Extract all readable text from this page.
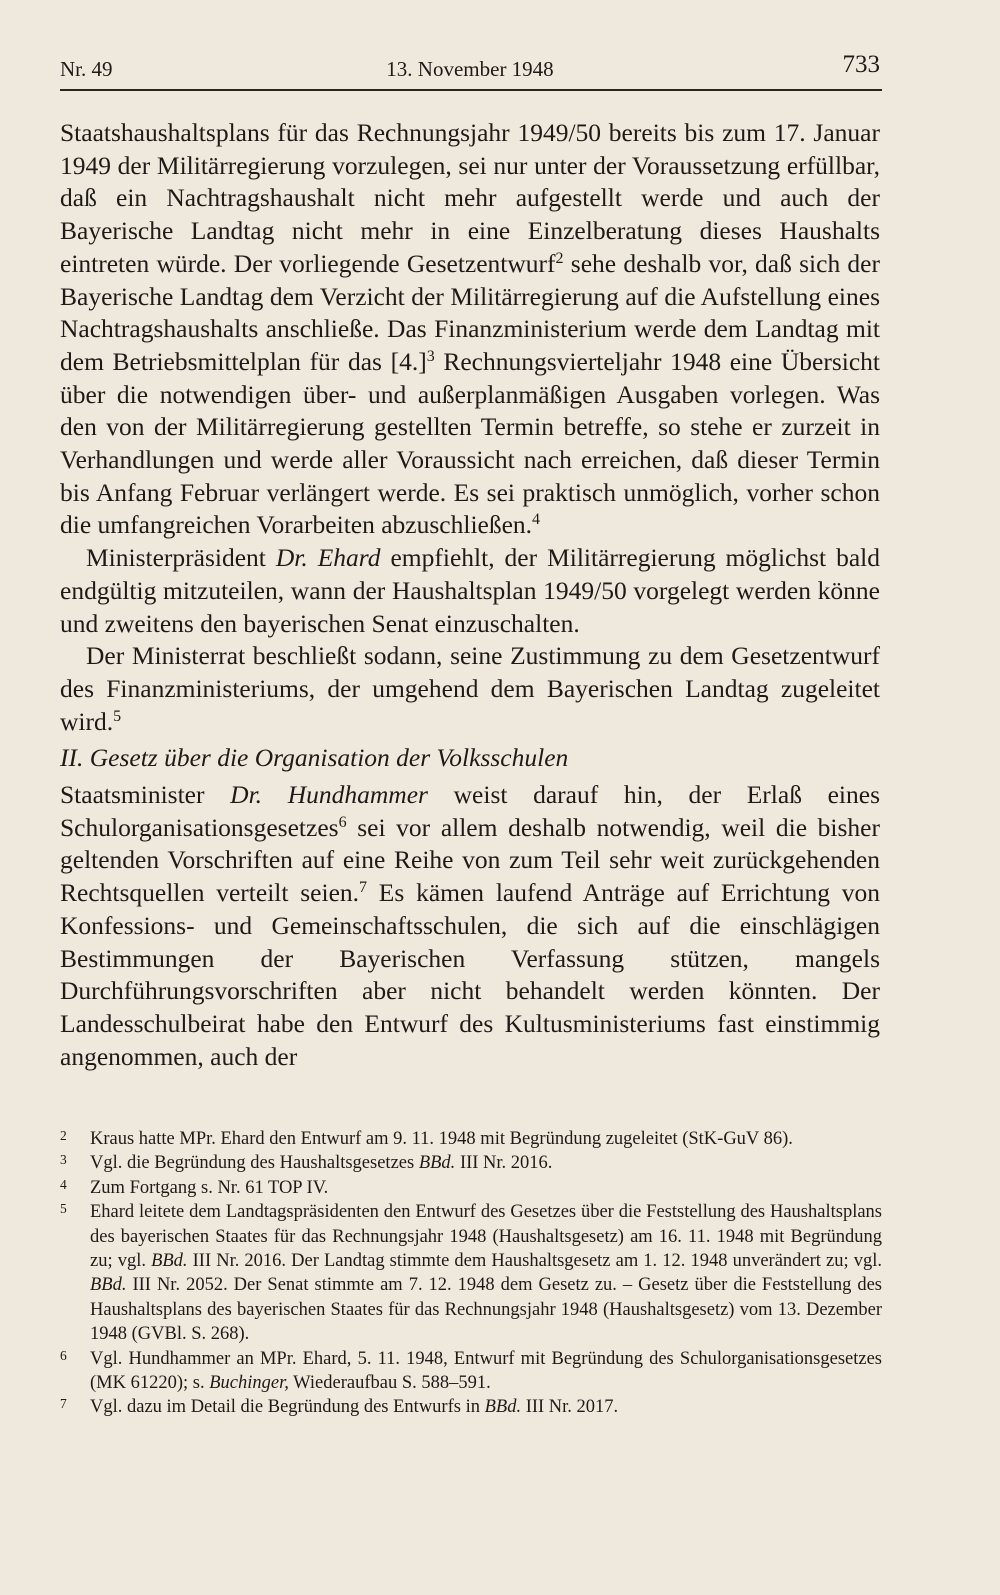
Nr. 49	13. November 1948	733

Staatshaushaltsplans für das Rechnungsjahr 1949/50 bereits bis zum 17. Januar 1949 der Militärregierung vorzulegen, sei nur unter der Voraussetzung erfüllbar, daß ein Nachtragshaushalt nicht mehr aufgestellt werde und auch der Bayerische Landtag nicht mehr in eine Einzelberatung dieses Haushalts eintreten würde. Der vorliegende Gesetzentwurf$^2$ sehe deshalb vor, daß sich der Bayerische Landtag dem Verzicht der Militärregierung auf die Aufstellung eines Nachtragshaushalts anschließe. Das Finanzministerium werde dem Landtag mit dem Betriebsmittelplan für das $[4.]^3$ Rechnungsvierteljahr 1948 eine Übersicht über die notwendigen über- und außerplanmäßigen Ausgaben vorlegen. Was den von der Militärregierung gestellten Termin betreffe, so stehe er zurzeit in Verhandlungen und werde aller Voraussicht nach erreichen, daß dieser Termin bis Anfang Februar verlängert werde. Es sei praktisch unmöglich, vorher schon die umfangreichen Vorarbeiten abzuschließen.$^4$

Ministerpräsident Dr. Ehard empfiehlt, der Militärregierung möglichst bald endgültig mitzuteilen, wann der Haushaltsplan 1949/50 vorgelegt werden könne und zweitens den bayerischen Senat einzuschalten.

Der Ministerrat beschließt sodann, seine Zustimmung zu dem Gesetzentwurf des Finanzministeriums, der umgehend dem Bayerischen Landtag zugeleitet wird.$^5$

II. Gesetz über die Organisation der Volksschulen

Staatsminister Dr. Hundhammer weist darauf hin, der Erlaß eines Schulorganisationsgesetzes$^6$ sei vor allem deshalb notwendig, weil die bisher geltenden Vorschriften auf eine Reihe von zum Teil sehr weit zurückgehenden Rechtsquellen verteilt seien.$^7$ Es kämen laufend Anträge auf Errichtung von Konfessions- und Gemeinschaftsschulen, die sich auf die einschlägigen Bestimmungen der Bayerischen Verfassung stützen, mangels Durchführungsvorschriften aber nicht behandelt werden könnten. Der Landesschulbeirat habe den Entwurf des Kultusministeriums fast einstimmig angenommen, auch der

2 Kraus hatte MPr. Ehard den Entwurf am 9. 11. 1948 mit Begründung zugeleitet (StK-GuV 86).
3 Vgl. die Begründung des Haushaltsgesetzes BBd. III Nr. 2016.
4 Zum Fortgang s. Nr. 61 TOP IV.
5 Ehard leitete dem Landtagspräsidenten den Entwurf des Gesetzes über die Feststellung des Haushaltsplans des bayerischen Staates für das Rechnungsjahr 1948 (Haushaltsgesetz) am 16. 11. 1948 mit Begründung zu; vgl. BBd. III Nr. 2016. Der Landtag stimmte dem Haushaltsgesetz am 1. 12. 1948 unverändert zu; vgl. BBd. III Nr. 2052. Der Senat stimmte am 7. 12. 1948 dem Gesetz zu. – Gesetz über die Feststellung des Haushaltsplans des bayerischen Staates für das Rechnungsjahr 1948 (Haushaltsgesetz) vom 13. Dezember 1948 (GVBl. S. 268).
6 Vgl. Hundhammer an MPr. Ehard, 5. 11. 1948, Entwurf mit Begründung des Schulorganisationsgesetzes (MK 61220); s. Buchinger, Wiederaufbau S. 588–591.
7 Vgl. dazu im Detail die Begründung des Entwurfs in BBd. III Nr. 2017.
